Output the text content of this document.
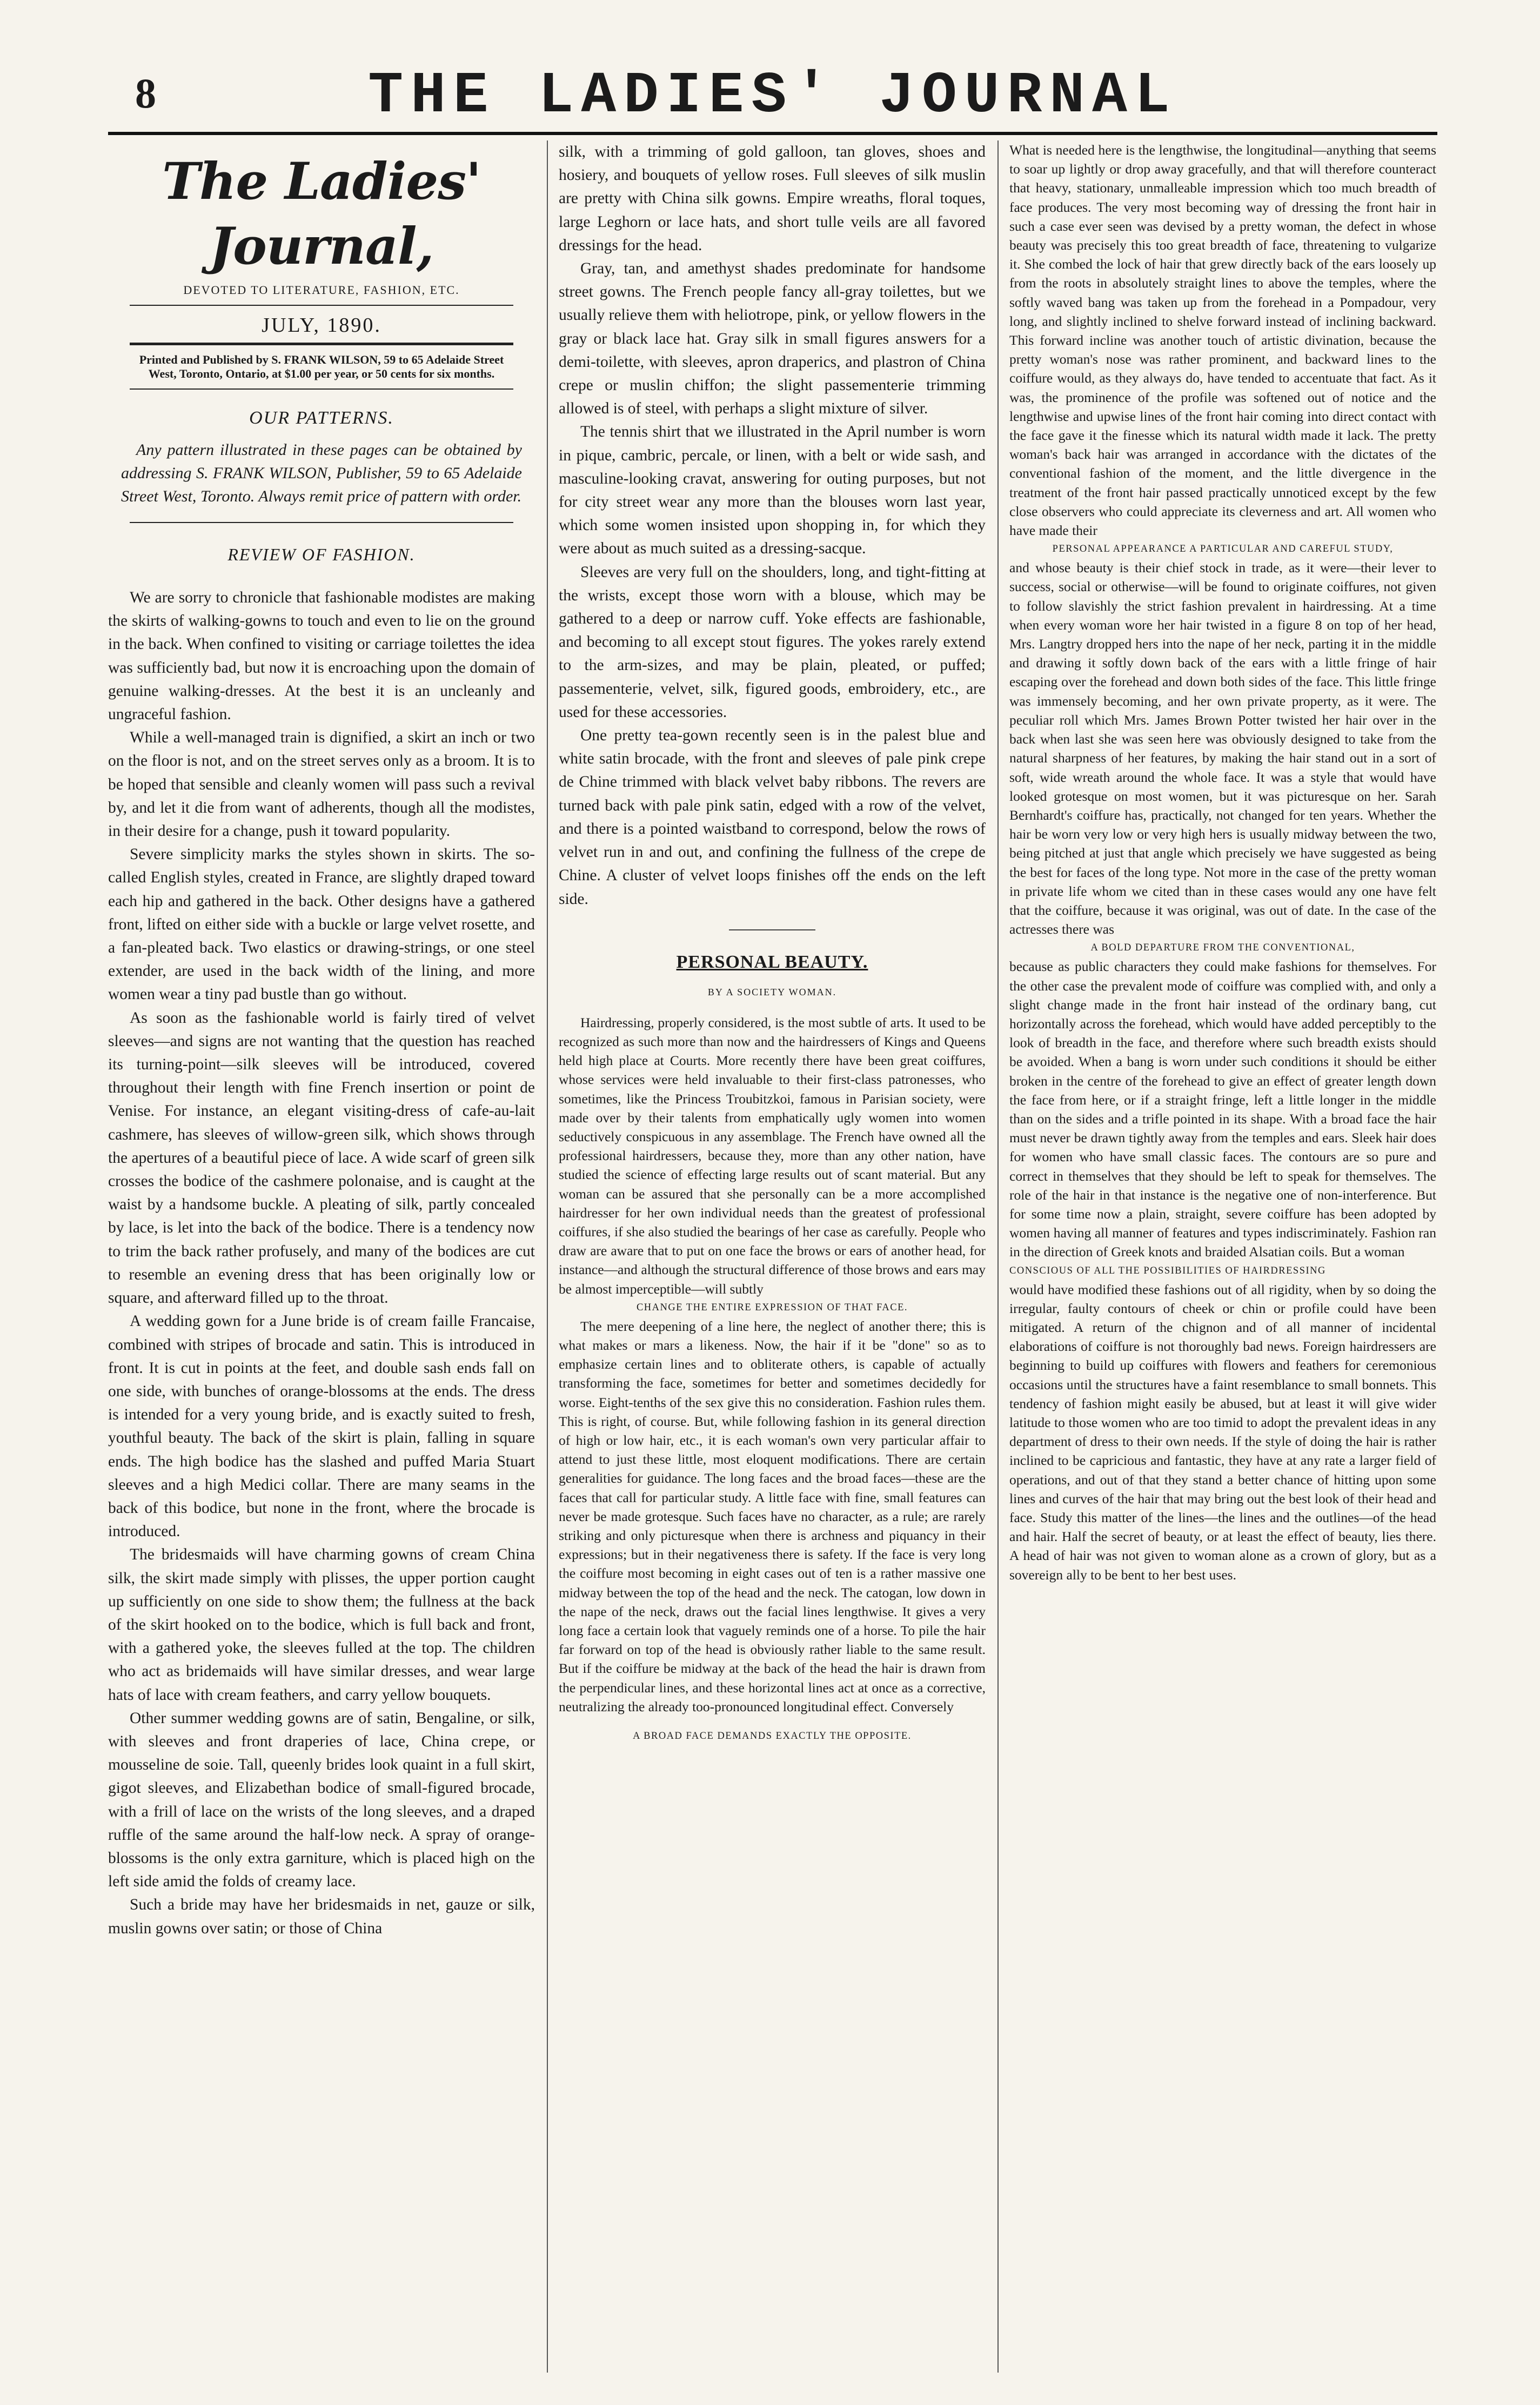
8	THE LADIES' JOURNAL
The Ladies' Journal,
DEVOTED TO LITERATURE, FASHION, ETC.
JULY, 1890.
Printed and Published by S. FRANK WILSON, 59 to 65 Adelaide Street West, Toronto, Ontario, at $1.00 per year, or 50 cents for six months.
OUR PATTERNS.

Any pattern illustrated in these pages can be obtained by addressing S. FRANK WILSON, Publisher, 59 to 65 Adelaide Street West, Toronto. Always remit price of pattern with order.

REVIEW OF FASHION.

We are sorry to chronicle that fashionable modistes are making the skirts of walking-gowns to touch and even to lie on the ground in the back. When confined to visiting or carriage toilettes the idea was sufficiently bad, but now it is encroaching upon the domain of genuine walking-dresses. At the best it is an uncleanly and ungraceful fashion.

While a well-managed train is dignified, a skirt an inch or two on the floor is not, and on the street serves only as a broom. It is to be hoped that sensible and cleanly women will pass such a revival by, and let it die from want of adherents, though all the modistes, in their desire for a change, push it toward popularity.

Severe simplicity marks the styles shown in skirts. The so-called English styles, created in France, are slightly draped toward each hip and gathered in the back. Other designs have a gathered front, lifted on either side with a buckle or large velvet rosette, and a fan-pleated back. Two elastics or drawing-strings, or one steel extender, are used in the back width of the lining, and more women wear a tiny pad bustle than go without.

As soon as the fashionable world is fairly tired of velvet sleeves—and signs are not wanting that the question has reached its turning-point—silk sleeves will be introduced, covered throughout their length with fine French insertion or point de Venise. For instance, an elegant visiting-dress of cafe-au-lait cashmere, has sleeves of willow-green silk, which shows through the apertures of a beautiful piece of lace. A wide scarf of green silk crosses the bodice of the cashmere polonaise, and is caught at the waist by a handsome buckle. A pleating of silk, partly concealed by lace, is let into the back of the bodice. There is a tendency now to trim the back rather profusely, and many of the bodices are cut to resemble an evening dress that has been originally low or square, and afterward filled up to the throat.

A wedding gown for a June bride is of cream faille Francaise, combined with stripes of brocade and satin. This is introduced in front. It is cut in points at the feet, and double sash ends fall on one side, with bunches of orange-blossoms at the ends. The dress is intended for a very young bride, and is exactly suited to fresh, youthful beauty. The back of the skirt is plain, falling in square ends. The high bodice has the slashed and puffed Maria Stuart sleeves and a high Medici collar. There are many seams in the back of this bodice, but none in the front, where the brocade is introduced.

The bridesmaids will have charming gowns of cream China silk, the skirt made simply with plisses, the upper portion caught up sufficiently on one side to show them; the fullness at the back of the skirt hooked on to the bodice, which is full back and front, with a gathered yoke, the sleeves fulled at the top. The children who act as bridemaids will have similar dresses, and wear large hats of lace with cream feathers, and carry yellow bouquets.

Other summer wedding gowns are of satin, Bengaline, or silk, with sleeves and front draperies of lace, China crepe, or mousseline de soie. Tall, queenly brides look quaint in a full skirt, gigot sleeves, and Elizabethan bodice of small-figured brocade, with a frill of lace on the wrists of the long sleeves, and a draped ruffle of the same around the half-low neck. A spray of orange-blossoms is the only extra garniture, which is placed high on the left side amid the folds of creamy lace.

Such a bride may have her bridesmaids in net, gauze or silk, muslin gowns over satin; or those of China

silk, with a trimming of gold galloon, tan gloves, shoes and hosiery, and bouquets of yellow roses. Full sleeves of silk muslin are pretty with China silk gowns. Empire wreaths, floral toques, large Leghorn or lace hats, and short tulle veils are all favored dressings for the head.

Gray, tan, and amethyst shades predominate for handsome street gowns. The French people fancy all-gray toilettes, but we usually relieve them with heliotrope, pink, or yellow flowers in the gray or black lace hat. Gray silk in small figures answers for a demi-toilette, with sleeves, apron draperics, and plastron of China crepe or muslin chiffon; the slight passementerie trimming allowed is of steel, with perhaps a slight mixture of silver.

The tennis shirt that we illustrated in the April number is worn in pique, cambric, percale, or linen, with a belt or wide sash, and masculine-looking cravat, answering for outing purposes, but not for city street wear any more than the blouses worn last year, which some women insisted upon shopping in, for which they were about as much suited as a dressing-sacque.

Sleeves are very full on the shoulders, long, and tight-fitting at the wrists, except those worn with a blouse, which may be gathered to a deep or narrow cuff. Yoke effects are fashionable, and becoming to all except stout figures. The yokes rarely extend to the arm-sizes, and may be plain, pleated, or puffed; passementerie, velvet, silk, figured goods, embroidery, etc., are used for these accessories.

One pretty tea-gown recently seen is in the palest blue and white satin brocade, with the front and sleeves of pale pink crepe de Chine trimmed with black velvet baby ribbons. The revers are turned back with pale pink satin, edged with a row of the velvet, and there is a pointed waistband to correspond, below the rows of velvet run in and out, and confining the fullness of the crepe de Chine. A cluster of velvet loops finishes off the ends on the left side.

PERSONAL BEAUTY.
BY A SOCIETY WOMAN.

Hairdressing, properly considered, is the most subtle of arts. It used to be recognized as such more than now and the hairdressers of Kings and Queens held high place at Courts. More recently there have been great coiffures, whose services were held invaluable to their first-class patronesses, who sometimes, like the Princess Troubitzkoi, famous in Parisian society, were made over by their talents from emphatically ugly women into women seductively conspicuous in any assemblage. The French have owned all the professional hairdressers, because they, more than any other nation, have studied the science of effecting large results out of scant material. But any woman can be assured that she personally can be a more accomplished hairdresser for her own individual needs than the greatest of professional coiffures, if she also studied the bearings of her case as carefully. People who draw are aware that to put on one face the brows or ears of another head, for instance—and although the structural difference of those brows and ears may be almost imperceptible—will subtly

CHANGE THE ENTIRE EXPRESSION OF THAT FACE.

The mere deepening of a line here, the neglect of another there; this is what makes or mars a likeness. Now, the hair if it be "done" so as to emphasize certain lines and to obliterate others, is capable of actually transforming the face, sometimes for better and sometimes decidedly for worse. Eight-tenths of the sex give this no consideration. Fashion rules them. This is right, of course. But, while following fashion in its general direction of high or low hair, etc., it is each woman's own very particular affair to attend to just these little, most eloquent modifications. There are certain generalities for guidance. The long faces and the broad faces—these are the faces that call for particular study. A little face with fine, small features can never be made grotesque. Such faces have no character, as a rule; are rarely striking and only picturesque when there is archness and piquancy in their expressions; but in their negativeness there is safety. If the face is very long the coiffure most becoming in eight cases out of ten is a rather massive one midway between the top of the head and the neck. The catogan, low down in the nape of the neck, draws out the facial lines lengthwise. It gives a very long face a certain look that vaguely reminds one of a horse. To pile the hair far forward on top of the head is obviously rather liable to the same result. But if the coiffure be midway at the back of the head the hair is drawn from the perpendicular lines, and these horizontal lines act at once as a corrective, neutralizing the already too-pronounced longitudinal effect. Conversely

A BROAD FACE DEMANDS EXACTLY THE OPPOSITE.

What is needed here is the lengthwise, the longitudinal—anything that seems to soar up lightly or drop away gracefully, and that will therefore counteract that heavy, stationary, unmalleable impression which too much breadth of face produces. The very most becoming way of dressing the front hair in such a case ever seen was devised by a pretty woman, the defect in whose beauty was precisely this too great breadth of face, threatening to vulgarize it. She combed the lock of hair that grew directly back of the ears loosely up from the roots in absolutely straight lines to above the temples, where the softly waved bang was taken up from the forehead in a Pompadour, very long, and slightly inclined to shelve forward instead of inclining backward. This forward incline was another touch of artistic divination, because the pretty woman's nose was rather prominent, and backward lines to the coiffure would, as they always do, have tended to accentuate that fact. As it was, the prominence of the profile was softened out of notice and the lengthwise and upwise lines of the front hair coming into direct contact with the face gave it the finesse which its natural width made it lack. The pretty woman's back hair was arranged in accordance with the dictates of the conventional fashion of the moment, and the little divergence in the treatment of the front hair passed practically unnoticed except by the few close observers who could appreciate its cleverness and art. All women who have made their

PERSONAL APPEARANCE A PARTICULAR AND CAREFUL STUDY,

and whose beauty is their chief stock in trade, as it were—their lever to success, social or otherwise—will be found to originate coiffures, not given to follow slavishly the strict fashion prevalent in hairdressing. At a time when every woman wore her hair twisted in a figure 8 on top of her head, Mrs. Langtry dropped hers into the nape of her neck, parting it in the middle and drawing it softly down back of the ears with a little fringe of hair escaping over the forehead and down both sides of the face. This little fringe was immensely becoming, and her own private property, as it were. The peculiar roll which Mrs. James Brown Potter twisted her hair over in the back when last she was seen here was obviously designed to take from the natural sharpness of her features, by making the hair stand out in a sort of soft, wide wreath around the whole face. It was a style that would have looked grotesque on most women, but it was picturesque on her. Sarah Bernhardt's coiffure has, practically, not changed for ten years. Whether the hair be worn very low or very high hers is usually midway between the two, being pitched at just that angle which precisely we have suggested as being the best for faces of the long type. Not more in the case of the pretty woman in private life whom we cited than in these cases would any one have felt that the coiffure, because it was original, was out of date. In the case of the actresses there was

A BOLD DEPARTURE FROM THE CONVENTIONAL,

because as public characters they could make fashions for themselves. For the other case the prevalent mode of coiffure was complied with, and only a slight change made in the front hair instead of the ordinary bang, cut horizontally across the forehead, which would have added perceptibly to the look of breadth in the face, and therefore where such breadth exists should be avoided. When a bang is worn under such conditions it should be either broken in the centre of the forehead to give an effect of greater length down the face from here, or if a straight fringe, left a little longer in the middle than on the sides and a trifle pointed in its shape. With a broad face the hair must never be drawn tightly away from the temples and ears. Sleek hair does for women who have small classic faces. The contours are so pure and correct in themselves that they should be left to speak for themselves. The role of the hair in that instance is the negative one of non-interference. But for some time now a plain, straight, severe coiffure has been adopted by women having all manner of features and types indiscriminately. Fashion ran in the direction of Greek knots and braided Alsatian coils. But a woman

CONSCIOUS OF ALL THE POSSIBILITIES OF HAIRDRESSING

would have modified these fashions out of all rigidity, when by so doing the irregular, faulty contours of cheek or chin or profile could have been mitigated. A return of the chignon and of all manner of incidental elaborations of coiffure is not thoroughly bad news. Foreign hairdressers are beginning to build up coiffures with flowers and feathers for ceremonious occasions until the structures have a faint resemblance to small bonnets. This tendency of fashion might easily be abused, but at least it will give wider latitude to those women who are too timid to adopt the prevalent ideas in any department of dress to their own needs. If the style of doing the hair is rather inclined to be capricious and fantastic, they have at any rate a larger field of operations, and out of that they stand a better chance of hitting upon some lines and curves of the hair that may bring out the best look of their head and face. Study this matter of the lines—the lines and the outlines—of the head and hair. Half the secret of beauty, or at least the effect of beauty, lies there. A head of hair was not given to woman alone as a crown of glory, but as a sovereign ally to be bent to her best uses.
